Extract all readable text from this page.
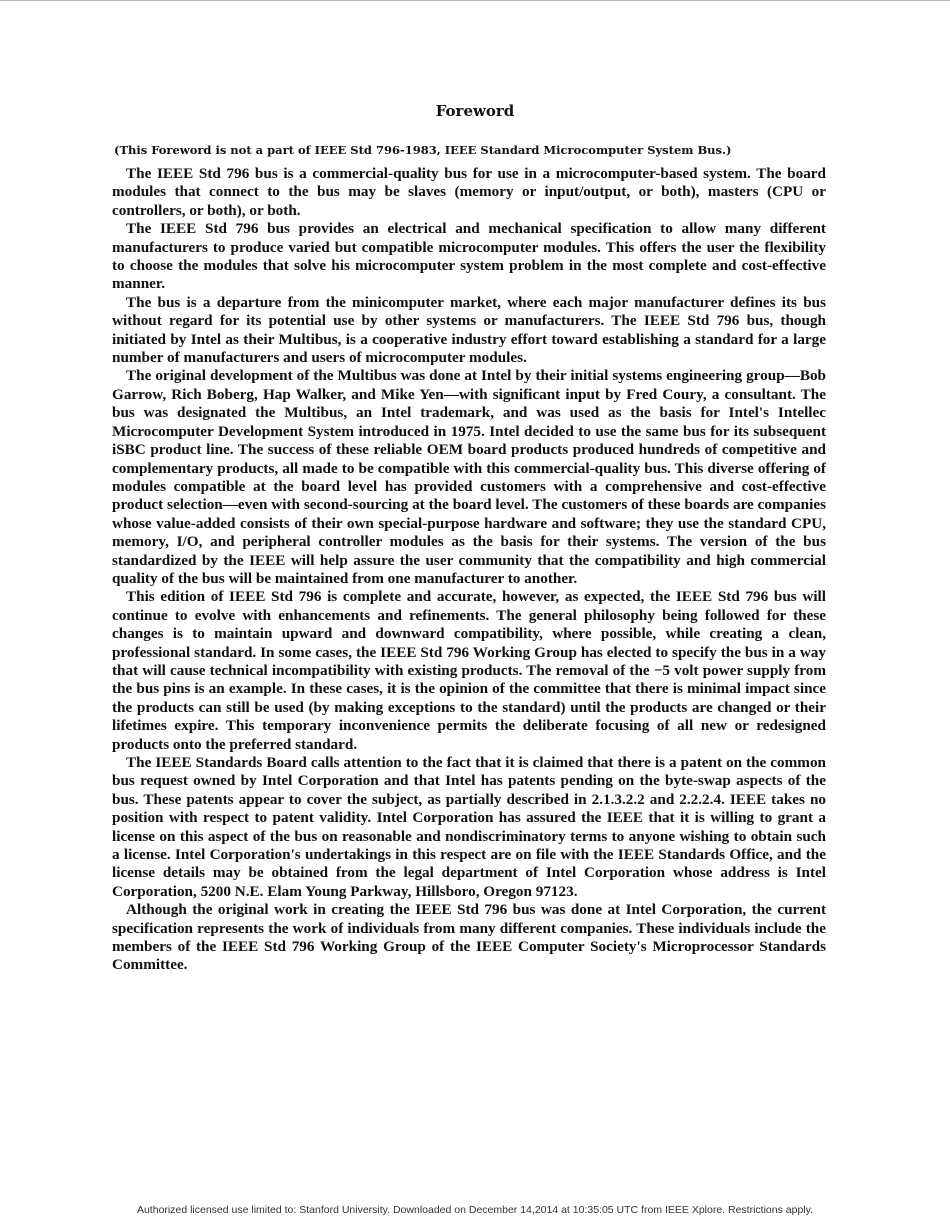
Foreword

(This Foreword is not a part of IEEE Std 796-1983, IEEE Standard Microcomputer System Bus.)

The IEEE Std 796 bus is a commercial-quality bus for use in a microcomputer-based system. The board modules that connect to the bus may be slaves (memory or input/output, or both), masters (CPU or controllers, or both), or both.

The IEEE Std 796 bus provides an electrical and mechanical specification to allow many different manufacturers to produce varied but compatible microcomputer modules. This offers the user the flexibility to choose the modules that solve his microcomputer system problem in the most complete and cost-effective manner.

The bus is a departure from the minicomputer market, where each major manufacturer defines its bus without regard for its potential use by other systems or manufacturers. The IEEE Std 796 bus, though initiated by Intel as their Multibus, is a cooperative industry effort toward establishing a standard for a large number of manufacturers and users of microcomputer modules.

The original development of the Multibus was done at Intel by their initial systems engineering group—Bob Garrow, Rich Boberg, Hap Walker, and Mike Yen—with significant input by Fred Coury, a consultant. The bus was designated the Multibus, an Intel trademark, and was used as the basis for Intel's Intellec Microcomputer Development System introduced in 1975. Intel decided to use the same bus for its subsequent iSBC product line. The success of these reliable OEM board products produced hundreds of competitive and complementary products, all made to be compatible with this commercial-quality bus. This diverse offering of modules compatible at the board level has provided customers with a comprehensive and cost-effective product selection—even with second-sourcing at the board level. The customers of these boards are companies whose value-added consists of their own special-purpose hardware and software; they use the standard CPU, memory, I/O, and peripheral controller modules as the basis for their systems. The version of the bus standardized by the IEEE will help assure the user community that the compatibility and high commercial quality of the bus will be maintained from one manufacturer to another.

This edition of IEEE Std 796 is complete and accurate, however, as expected, the IEEE Std 796 bus will continue to evolve with enhancements and refinements. The general philosophy being followed for these changes is to maintain upward and downward compatibility, where possible, while creating a clean, professional standard. In some cases, the IEEE Std 796 Working Group has elected to specify the bus in a way that will cause technical incompatibility with existing products. The removal of the −5 volt power supply from the bus pins is an example. In these cases, it is the opinion of the committee that there is minimal impact since the products can still be used (by making exceptions to the standard) until the products are changed or their lifetimes expire. This temporary inconvenience permits the deliberate focusing of all new or redesigned products onto the preferred standard.

The IEEE Standards Board calls attention to the fact that it is claimed that there is a patent on the common bus request owned by Intel Corporation and that Intel has patents pending on the byte-swap aspects of the bus. These patents appear to cover the subject, as partially described in 2.1.3.2.2 and 2.2.2.4. IEEE takes no position with respect to patent validity. Intel Corporation has assured the IEEE that it is willing to grant a license on this aspect of the bus on reasonable and nondiscriminatory terms to anyone wishing to obtain such a license. Intel Corporation's undertakings in this respect are on file with the IEEE Standards Office, and the license details may be obtained from the legal department of Intel Corporation whose address is Intel Corporation, 5200 N.E. Elam Young Parkway, Hillsboro, Oregon 97123.

Although the original work in creating the IEEE Std 796 bus was done at Intel Corporation, the current specification represents the work of individuals from many different companies. These individuals include the members of the IEEE Std 796 Working Group of the IEEE Computer Society's Microprocessor Standards Committee.

Authorized licensed use limited to: Stanford University. Downloaded on December 14,2014 at 10:35:05 UTC from IEEE Xplore. Restrictions apply.
